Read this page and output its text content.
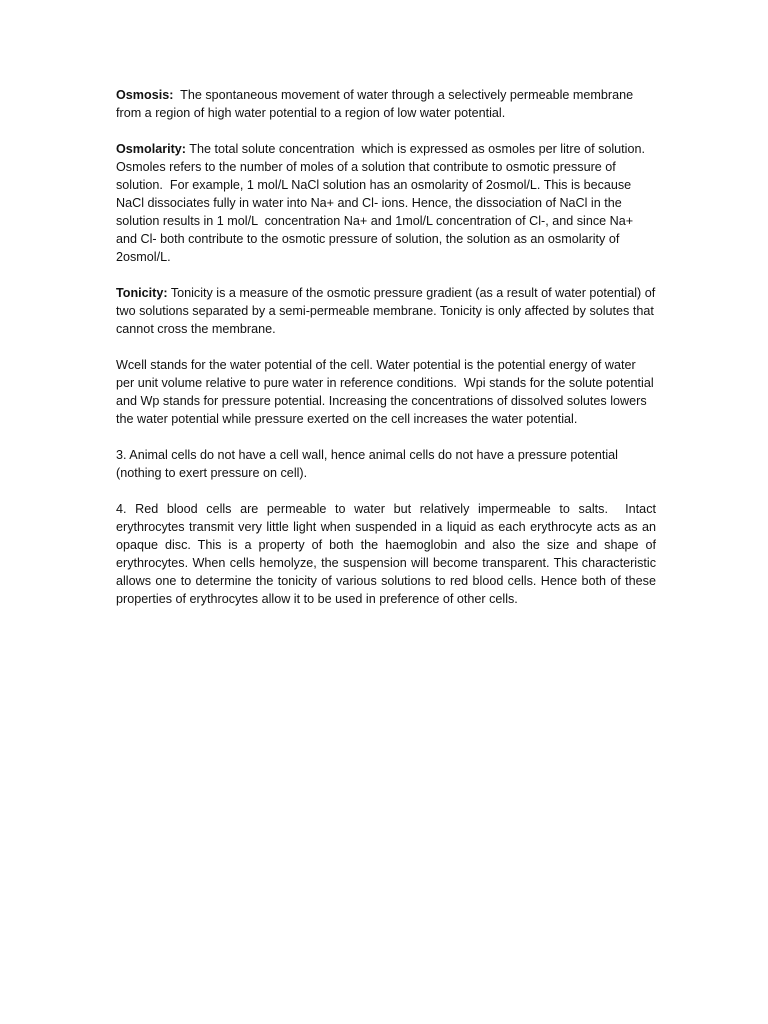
Osmosis:  The spontaneous movement of water through a selectively permeable membrane from a region of high water potential to a region of low water potential.

Osmolarity: The total solute concentration  which is expressed as osmoles per litre of solution. Osmoles refers to the number of moles of a solution that contribute to osmotic pressure of solution.  For example, 1 mol/L NaCl solution has an osmolarity of 2osmol/L. This is because  NaCl dissociates fully in water into Na+ and Cl- ions. Hence, the dissociation of NaCl in the solution results in 1 mol/L  concentration Na+ and 1mol/L concentration of Cl-, and since Na+ and Cl- both contribute to the osmotic pressure of solution, the solution as an osmolarity of 2osmol/L.

Tonicity: Tonicity is a measure of the osmotic pressure gradient (as a result of water potential) of two solutions separated by a semi-permeable membrane. Tonicity is only affected by solutes that cannot cross the membrane.

Wcell stands for the water potential of the cell. Water potential is the potential energy of water per unit volume relative to pure water in reference conditions.  Wpi stands for the solute potential and Wp stands for pressure potential. Increasing the concentrations of dissolved solutes lowers the water potential while pressure exerted on the cell increases the water potential.

3. Animal cells do not have a cell wall, hence animal cells do not have a pressure potential (nothing to exert pressure on cell).

4. Red blood cells are permeable to water but relatively impermeable to salts.  Intact erythrocytes transmit very little light when suspended in a liquid as each erythrocyte acts as an opaque disc. This is a property of both the haemoglobin and also the size and shape of erythrocytes. When cells hemolyze, the suspension will become transparent. This characteristic allows one to determine the tonicity of various solutions to red blood cells. Hence both of these properties of erythrocytes allow it to be used in preference of other cells.
